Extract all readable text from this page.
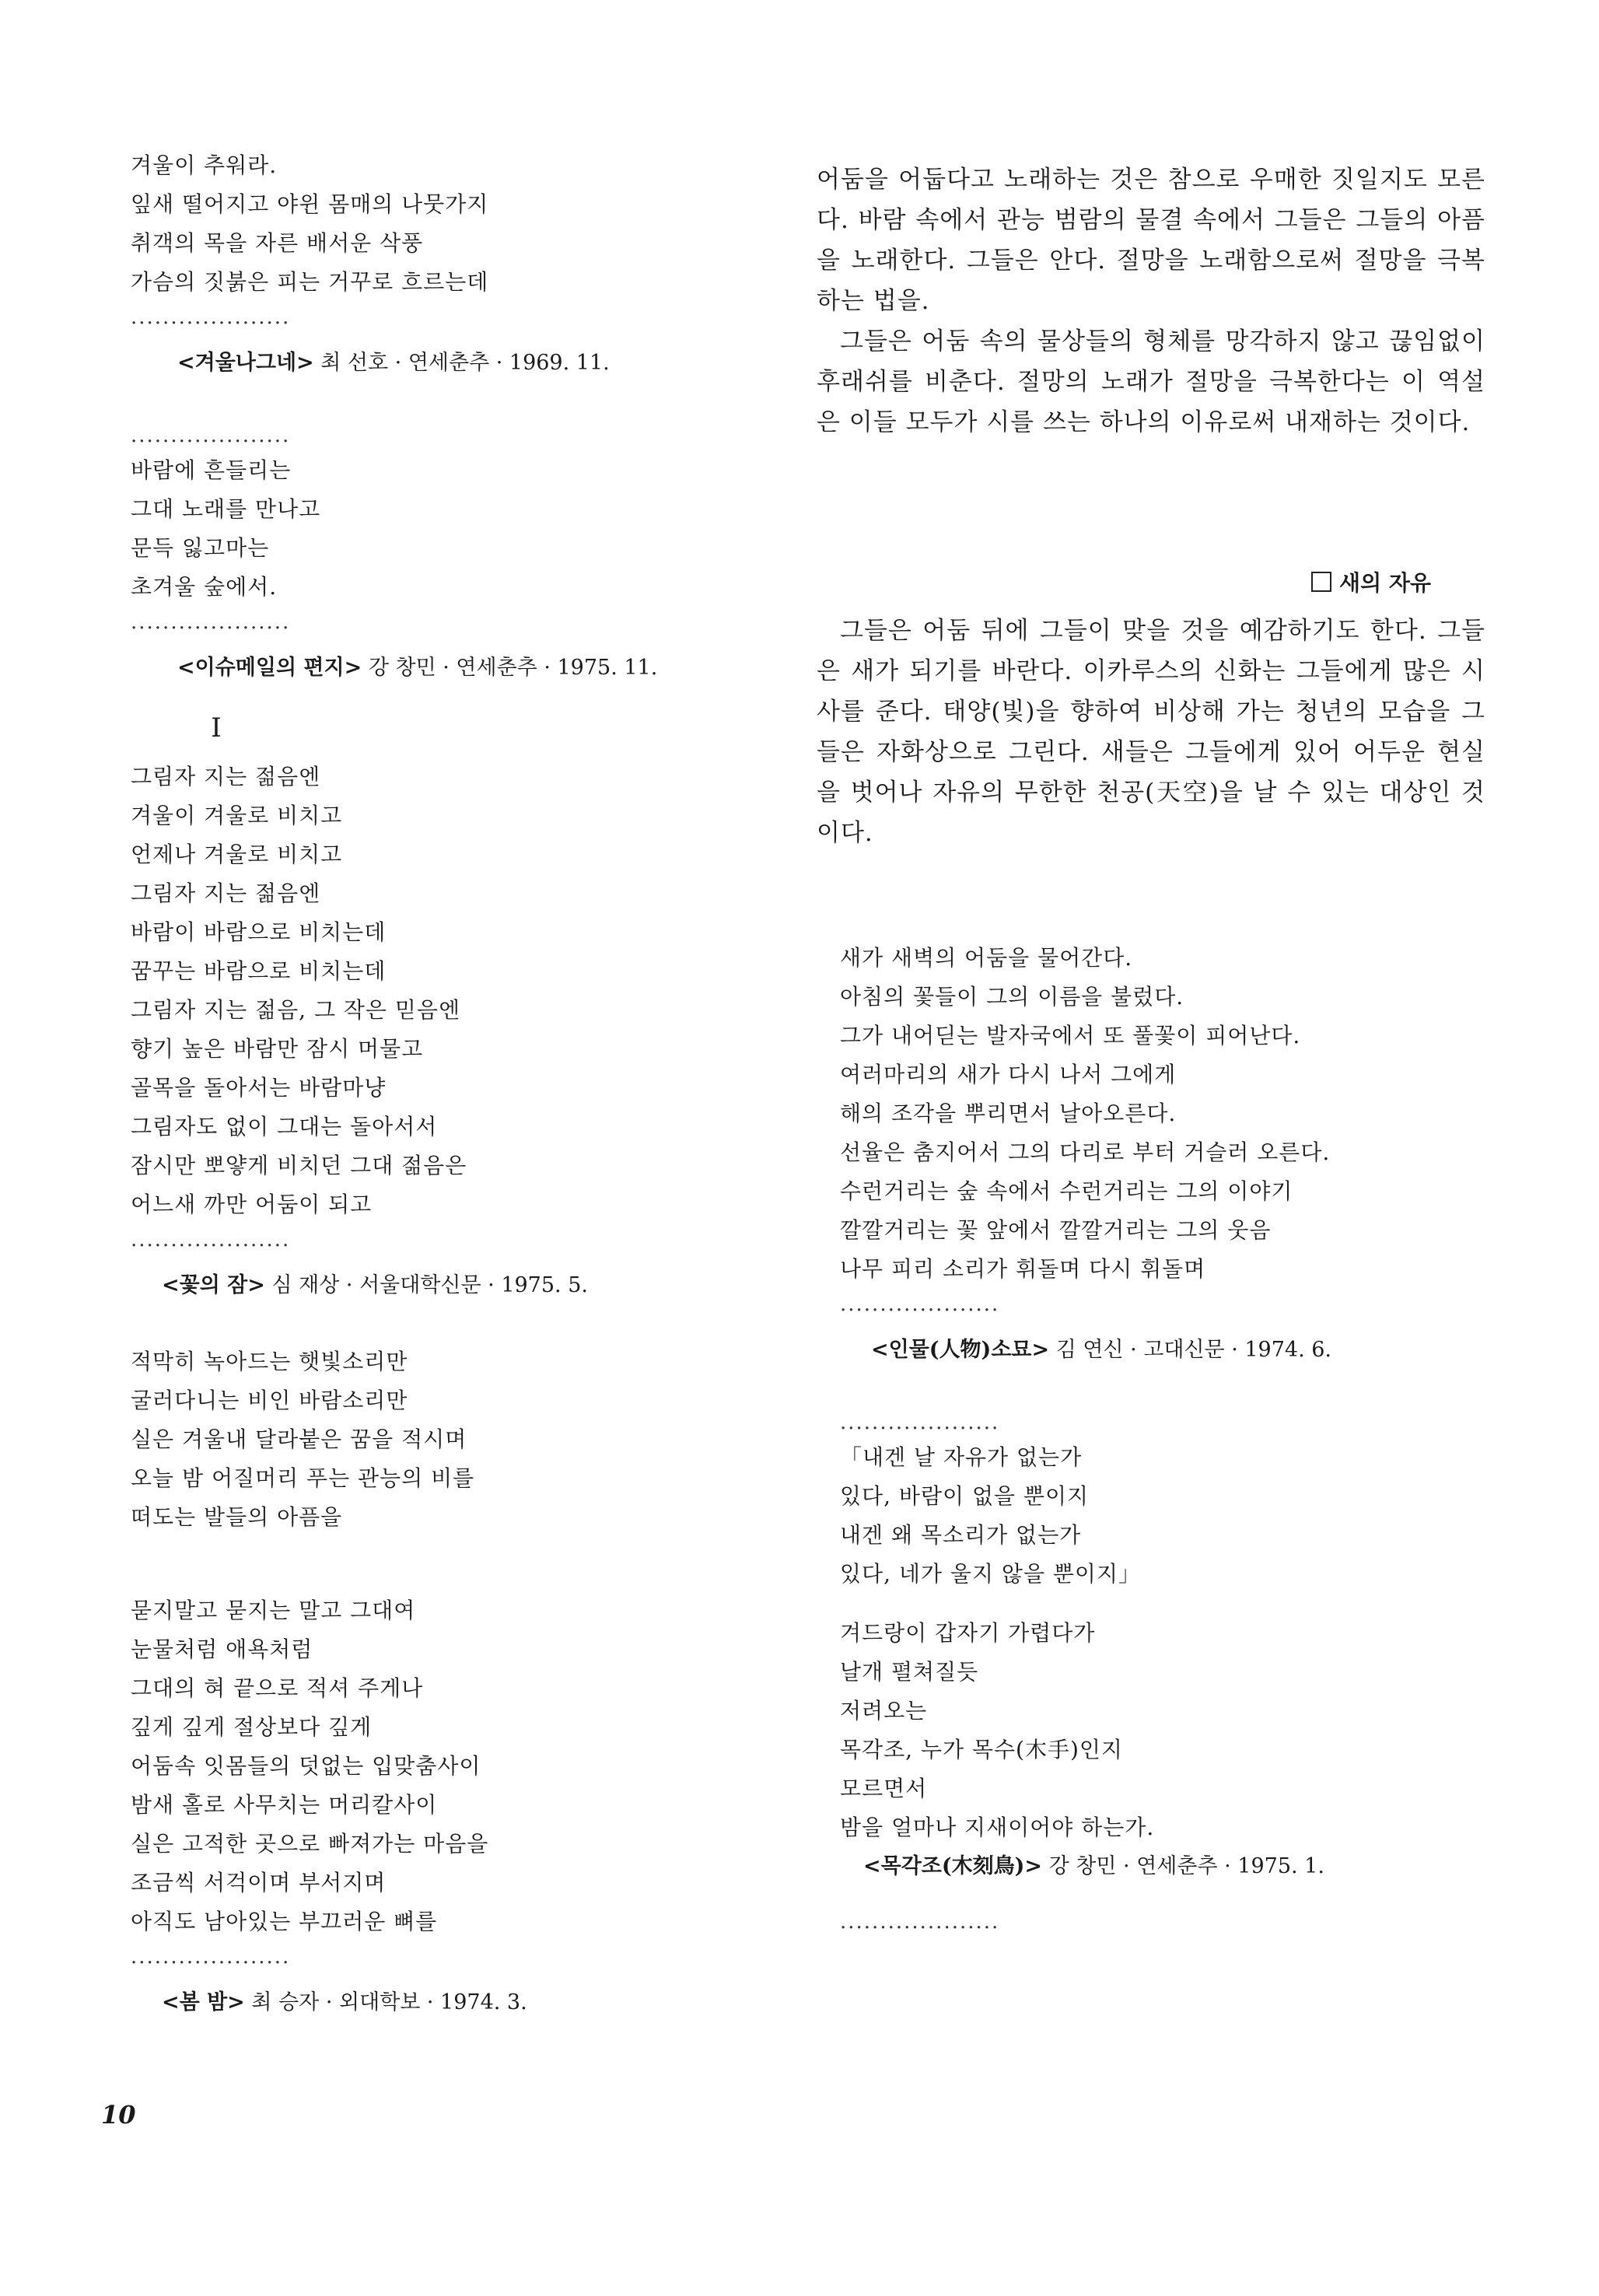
겨울이 추워라.
잎새 떨어지고 야윈 몸매의 나뭇가지
취객의 목을 자른 배서운 삭풍
가슴의 짓붉은 피는 거꾸로 흐르는데
....................
<겨울나그네> 최 선호 · 연세춘추 · 1969. 11.
....................
바람에 흔들리는
그대 노래를 만나고
문득 잃고마는
초겨울 숲에서.
....................
<이슈메일의 편지> 강 창민 · 연세춘추 · 1975. 11.
I
그림자 지는 젊음엔
겨울이 겨울로 비치고
언제나 겨울로 비치고
그림자 지는 젊음엔
바람이 바람으로 비치는데
꿈꾸는 바람으로 비치는데
그림자 지는 젊음, 그 작은 믿음엔
향기 높은 바람만 잠시 머물고
골목을 돌아서는 바람마냥
그림자도 없이 그대는 돌아서서
잠시만 뽀얗게 비치던 그대 젊음은
어느새 까만 어둠이 되고
....................
<꽃의 잠> 심 재상 · 서울대학신문 · 1975. 5.
적막히 녹아드는 햇빛소리만
굴러다니는 비인 바람소리만
실은 겨울내 달라붙은 꿈을 적시며
오늘 밤 어질머리 푸는 관능의 비를
떠도는 발들의 아픔을
묻지말고 묻지는 말고 그대여
눈물처럼 애욕처럼
그대의 혀 끝으로 적셔 주게나
깊게 깊게 절상보다 깊게
어둠속 잇몸들의 덧없는 입맞춤사이
밤새 홀로 사무치는 머리칼사이
실은 고적한 곳으로 빠져가는 마음을
조금씩 서걱이며 부서지며
아직도 남아있는 부끄러운 뼈를
....................
<봄 밤> 최 승자 · 외대학보 · 1974. 3.

어둠을 어둡다고 노래하는 것은 참으로 우매한 짓일지도 모른다. 바람 속에서 관능 범람의 물결 속에서 그들은 그들의 아픔을 노래한다. 그들은 안다. 절망을 노래함으로써 절망을 극복하는 법을.

그들은 어둠 속의 물상들의 형체를 망각하지 않고 끊임없이 후래쉬를 비춘다. 절망의 노래가 절망을 극복한다는 이 역설은 이들 모두가 시를 쓰는 하나의 이유로써 내재하는 것이다.

새의 자유

그들은 어둠 뒤에 그들이 맞을 것을 예감하기도 한다. 그들은 새가 되기를 바란다. 이카루스의 신화는 그들에게 많은 시사를 준다. 태양(빛)을 향하여 비상해 가는 청년의 모습을 그들은 자화상으로 그린다. 새들은 그들에게 있어 어두운 현실을 벗어나 자유의 무한한 천공(天空)을 날 수 있는 대상인 것이다.

새가 새벽의 어둠을 물어간다.
아침의 꽃들이 그의 이름을 불렀다.
그가 내어딛는 발자국에서 또 풀꽃이 피어난다.
여러마리의 새가 다시 나서 그에게
해의 조각을 뿌리면서 날아오른다.
선율은 춤지어서 그의 다리로 부터 거슬러 오른다.
수런거리는 숲 속에서 수런거리는 그의 이야기
깔깔거리는 꽃 앞에서 깔깔거리는 그의 웃음
나무 피리 소리가 휘돌며 다시 휘돌며
....................
<인물(人物)소묘> 김 연신 · 고대신문 · 1974. 6.
....................
「내겐 날 자유가 없는가
있다, 바람이 없을 뿐이지
내겐 왜 목소리가 없는가
있다, 네가 울지 않을 뿐이지」
겨드랑이 갑자기 가렵다가
날개 펼쳐질듯
저려오는
목각조, 누가 목수(木手)인지
모르면서
밤을 얼마나 지새이어야 하는가.
<목각조(木刻鳥)> 강 창민 · 연세춘추 · 1975. 1.
....................
10
